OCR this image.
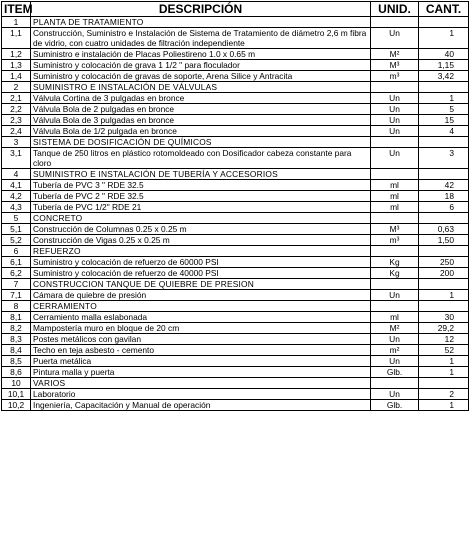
ITEM	DESCRIPCIÓN	UNID.	CANT.
1	PLANTA DE TRATAMIENTO		
1,1	Construcción, Suministro e Instalación de Sistema de Tratamiento de diámetro 2,6 m fibra de vidrio, con cuatro unidades de filtración independiente	Un	1
1,2	Suministro e instalación de Placas Poliestireno 1.0 x 0.65 m	M²	40
1,3	Suministro y colocación de grava 1 1/2 " para floculador	M³	1,15
1,4	Suministro y colocación de gravas de soporte, Arena Silice y Antracita	m³	3,42
2	SUMINISTRO E INSTALACIÓN DE VÁLVULAS		
2,1	Válvula Cortina de 3 pulgadas en bronce	Un	1
2,2	Válvula Bola de 2 pulgadas en bronce	Un	5
2,3	Válvula Bola de 3 pulgadas en bronce	Un	15
2,4	Válvula Bola de 1/2 pulgada en bronce	Un	4
3	SISTEMA DE DOSIFICACIÓN DE QUÍMICOS		
3,1	Tanque de 250 litros en plástico rotomoldeado con Dosificador cabeza constante para cloro	Un	3
4	SUMINISTRO E INSTALACIÓN DE TUBERÍA Y ACCESORIOS		
4,1	Tubería de PVC 3 " RDE 32.5	ml	42
4,2	Tubería de PVC 2 " RDE 32.5	ml	18
4,3	Tubería de PVC 1/2" RDE 21	ml	6
5	CONCRETO		
5,1	Construcción de Columnas 0.25 x 0.25 m	M³	0,63
5,2	Construcción de Vigas 0.25 x 0.25 m	m³	1,50
6	REFUERZO		
6,1	Suministro y colocación de refuerzo de 60000 PSI	Kg	250
6,2	Suministro y colocación de refuerzo de 40000 PSI	Kg	200
7	CONSTRUCCION TANQUE DE QUIEBRE DE PRESION		
7,1	Cámara de quiebre de presión	Un	1
8	CERRAMIENTO		
8,1	Cerramiento malla eslabonada	ml	30
8,2	Mampostería muro en bloque de 20 cm	M²	29,2
8,3	Postes metálicos con gavilan	Un	12
8,4	Techo en teja asbesto - cemento	m²	52
8,5	Puerta metálica	Un	1
8,6	Pintura malla y puerta	Glb.	1
10	VARIOS		
10,1	Laboratorio	Un	2
10,2	Ingeniería, Capacitación y Manual de operación	Glb.	1
